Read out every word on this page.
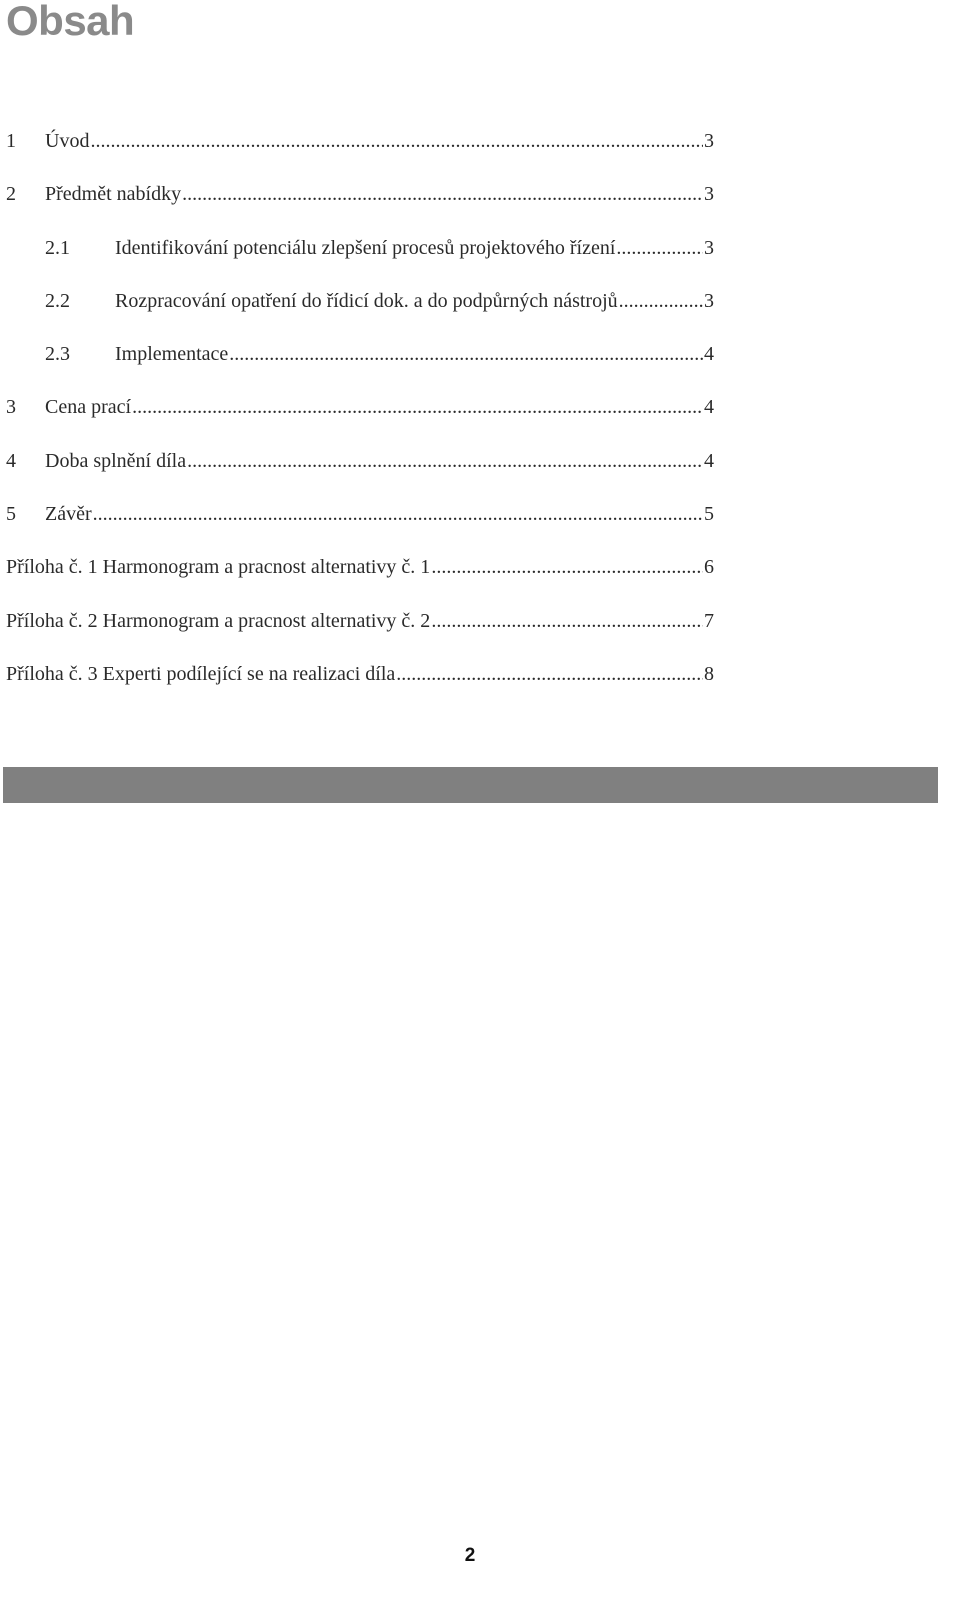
Obsah
1	Úvod .....	3
2	Předmět nabídky .....	3
2.1	Identifikování potenciálu zlepšení procesů projektového řízení .....	3
2.2	Rozpracování opatření do řídicí dok. a do podpůrných nástrojů .....	3
2.3	Implementace .....	4
3	Cena prací .....	4
4	Doba splnění díla .....	4
5	Závěr .....	5
Příloha č. 1 Harmonogram a pracnost alternativy č. 1 .....	6
Příloha č. 2 Harmonogram a pracnost alternativy č. 2 .....	7
Příloha č. 3 Experti podílející se na realizaci díla .....	8
2
